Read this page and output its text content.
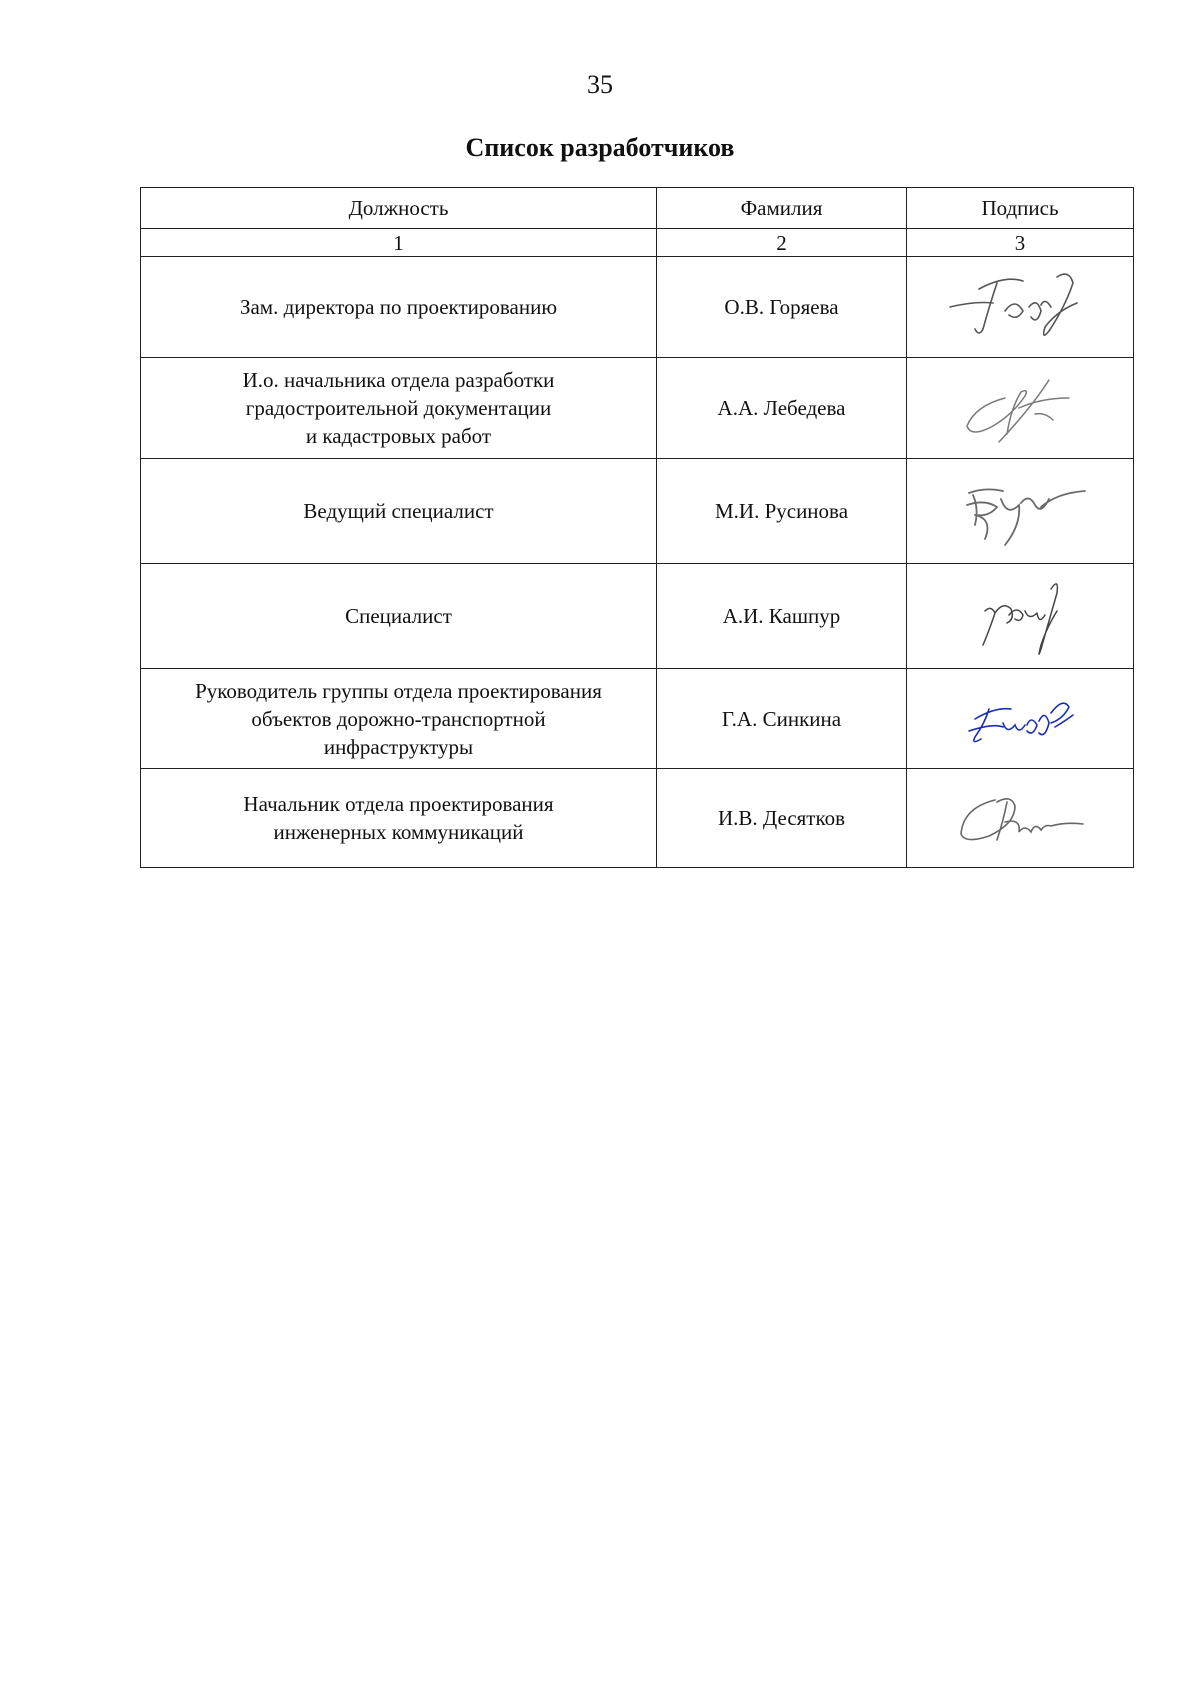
35
Список разработчиков
Должность	Фамилия	Подпись
1	2	3
Зам. директора по проектированию	О.В. Горяева	

И.о. начальника отдела разработки
градостроительной документации
и кадастровых работ	А.А. Лебедева	

Ведущий специалист	М.И. Русинова	

Специалист	А.И. Кашпур	

Руководитель группы отдела проектирования
объектов дорожно-транспортной
инфраструктуры	Г.А. Синкина	

Начальник отдела проектирования
инженерных коммуникаций	И.В. Десятков	
